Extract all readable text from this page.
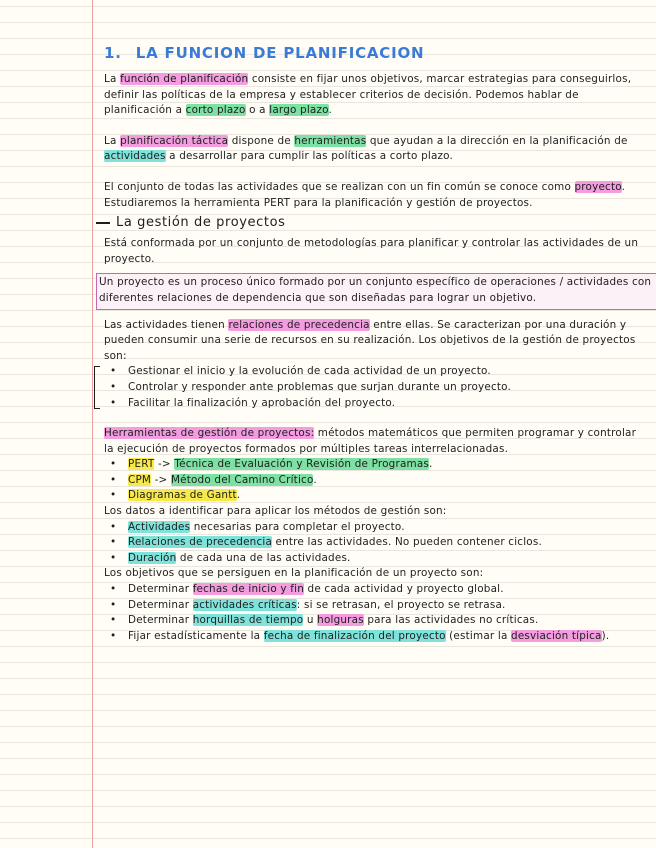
1. LA FUNCION DE PLANIFICACION

La función de planificación consiste en fijar unos objetivos, marcar estrategias para conseguirlos, definir las políticas de la empresa y establecer criterios de decisión. Podemos hablar de planificación a corto plazo o a largo plazo.

La planificación táctica dispone de herramientas que ayudan a la dirección en la planificación de actividades a desarrollar para cumplir las políticas a corto plazo.

El conjunto de todas las actividades que se realizan con un fin común se conoce como proyecto. Estudiaremos la herramienta PERT para la planificación y gestión de proyectos.

La gestión de proyectos

Está conformada por un conjunto de metodologías para planificar y controlar las actividades de un proyecto.

Un proyecto es un proceso único formado por un conjunto específico de operaciones / actividades con diferentes relaciones de dependencia que son diseñadas para lograr un objetivo.

Las actividades tienen relaciones de precedencia entre ellas. Se caracterizan por una duración y pueden consumir una serie de recursos en su realización. Los objetivos de la gestión de proyectos son:

• Gestionar el inicio y la evolución de cada actividad de un proyecto.
• Controlar y responder ante problemas que surjan durante un proyecto.
• Facilitar la finalización y aprobación del proyecto.

Herramientas de gestión de proyectos: métodos matemáticos que permiten programar y controlar la ejecución de proyectos formados por múltiples tareas interrelacionadas.

• PERT -> Técnica de Evaluación y Revisión de Programas.
• CPM -> Método del Camino Crítico.
• Diagramas de Gantt.

Los datos a identificar para aplicar los métodos de gestión son:

• Actividades necesarias para completar el proyecto.
• Relaciones de precedencia entre las actividades. No pueden contener ciclos.
• Duración de cada una de las actividades.

Los objetivos que se persiguen en la planificación de un proyecto son:

• Determinar fechas de inicio y fin de cada actividad y proyecto global.
• Determinar actividades críticas: si se retrasan, el proyecto se retrasa.
• Determinar horquillas de tiempo u holguras para las actividades no críticas.
• Fijar estadísticamente la fecha de finalización del proyecto (estimar la desviación típica).
